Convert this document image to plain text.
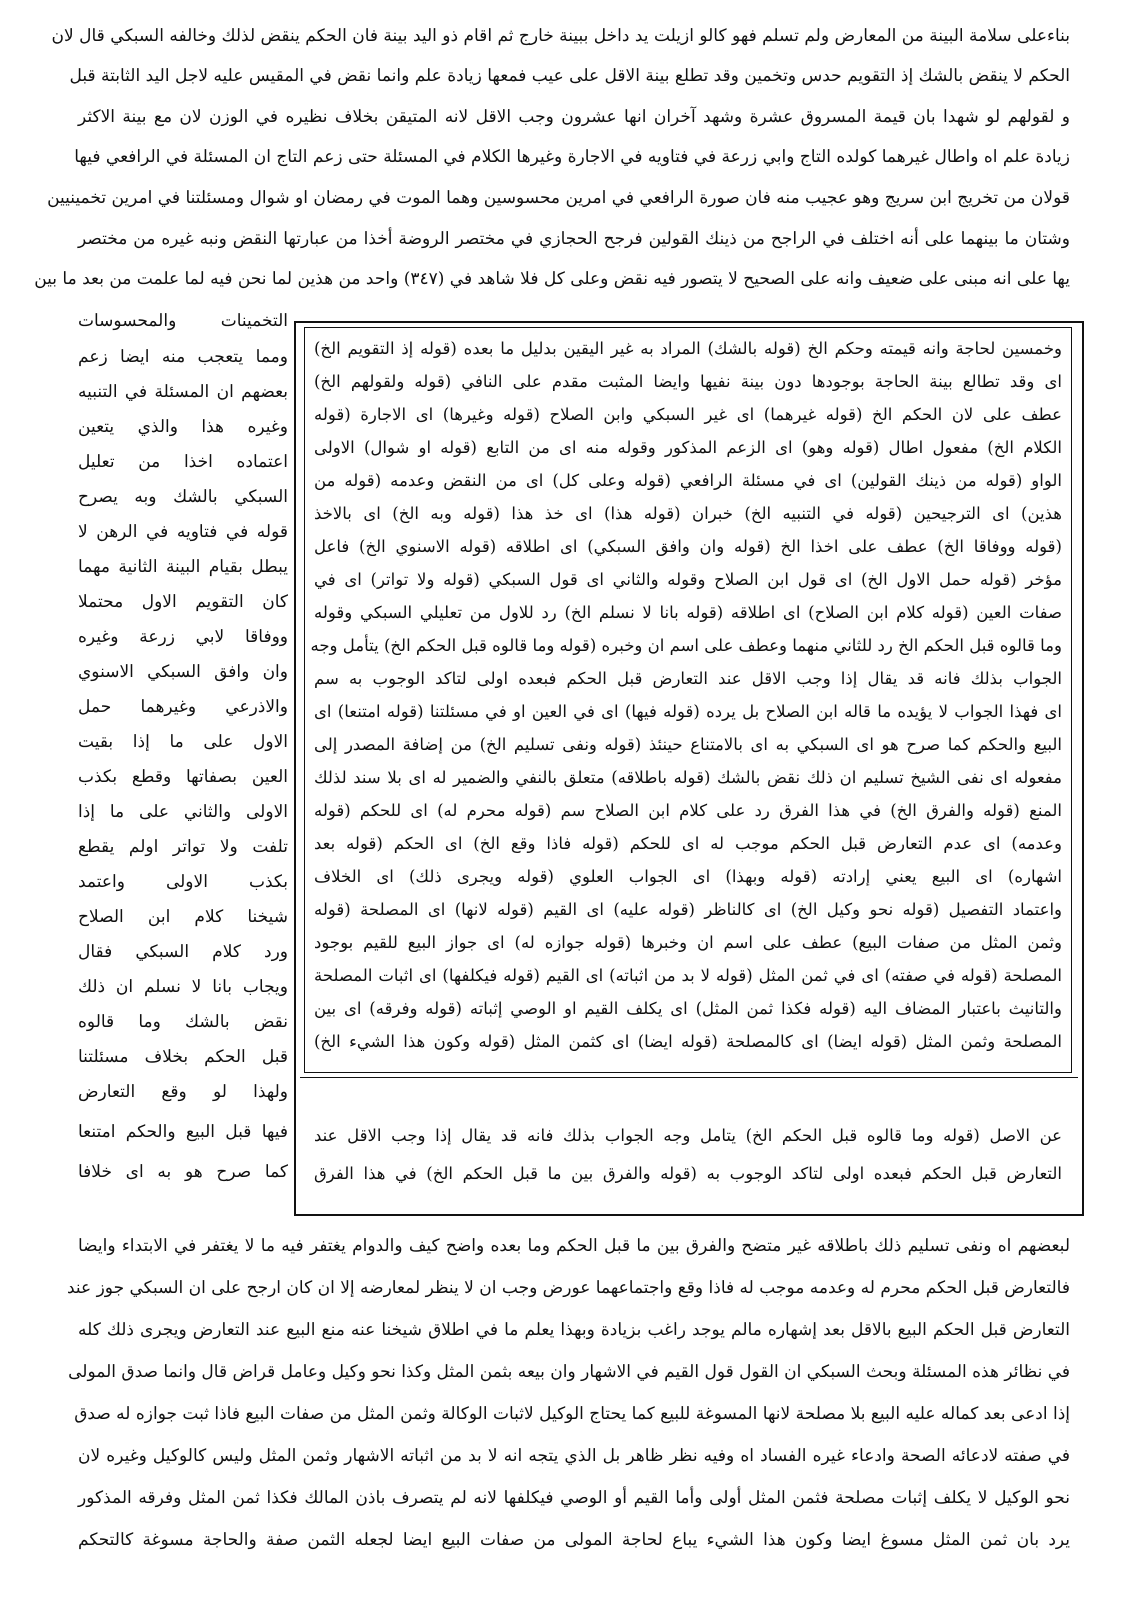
بناءعلى سلامة البينة من المعارض ولم تسلم فهو كالو ازيلت يد داخل ببينة خارج ثم اقام ذو اليد بينة فان الحكم ينقض لذلك وخالفه السبكي قال لان
الحكم لا ينقض بالشك إذ التقويم حدس وتخمين وقد تطلع بينة الاقل على عيب فمعها زيادة علم وانما نقض في المقيس عليه لاجل اليد الثابتة قبل
و لقولهم لو شهدا بان قيمة المسروق عشرة وشهد آخران انها عشرون وجب الاقل لانه المتيقن بخلاف نظيره في الوزن لان مع بينة الاكثر
زيادة علم اه واطال غيرهما كولده التاج وابي زرعة في فتاويه في الاجارة وغيرها الكلام في المسئلة حتى زعم التاج ان المسئلة في الرافعي فيها
قولان من تخريج ابن سريج وهو عجيب منه فان صورة الرافعي في امرين محسوسين وهما الموت في رمضان او شوال ومسئلتنا في امرين تخمينيين
وشتان ما بينهما على أنه اختلف في الراجح من ذينك القولين فرجح الحجازي في مختصر الروضة أخذا من عبارتها النقض ونبه غيره من مختصر
يها على انه مبنى على ضعيف وانه على الصحيح لا يتصور فيه نقض وعلى كل فلا شاهد في (٣٤٧) واحد من هذين لما نحن فيه لما علمت من بعد ما بين
التخمينات والمحسوسات
ومما يتعجب منه ايضا زعم
بعضهم ان المسئلة في التنبيه
وغيره هذا والذي يتعين
اعتماده اخذا من تعليل
السبكي بالشك وبه يصرح
قوله في فتاويه في الرهن لا
يبطل بقيام البينة الثانية مهما
كان التقويم الاول محتملا
ووفاقا لابي زرعة وغيره
وان وافق السبكي الاسنوي
والاذرعي وغيرهما حمل
الاول على ما إذا بقيت
العين بصفاتها وقطع بكذب
الاولى والثاني على ما إذا
تلفت ولا تواتر اولم يقطع
بكذب الاولى واعتمد
شيخنا كلام ابن الصلاح
ورد كلام السبكي فقال
ويجاب بانا لا نسلم ان ذلك
نقض بالشك وما قالوه
قبل الحكم بخلاف مسئلتنا
ولهذا لو وقع التعارض
فيها قبل البيع والحكم امتنعا
كما صرح هو به اى خلافا
وخمسين لحاجة وانه قيمته وحكم الخ (قوله بالشك) المراد به غير اليقين بدليل ما بعده (قوله إذ التقويم الخ)
اى وقد تطالع بينة الحاجة بوجودها دون بينة نفيها وايضا المثبت مقدم على النافي (قوله ولقولهم الخ)
عطف على لان الحكم الخ (قوله غيرهما) اى غير السبكي وابن الصلاح (قوله وغيرها) اى الاجارة (قوله
الكلام الخ) مفعول اطال (قوله وهو) اى الزعم المذكور وقوله منه اى من التابع (قوله او شوال) الاولى
الواو (قوله من ذينك القولين) اى في مسئلة الرافعي (قوله وعلى كل) اى من النقض وعدمه (قوله من
هذين) اى الترجيحين (قوله في التنبيه الخ) خبران (قوله هذا) اى خذ هذا (قوله وبه الخ) اى بالاخذ
(قوله ووفاقا الخ) عطف على اخذا الخ (قوله وان وافق السبكي) اى اطلاقه (قوله الاسنوي الخ) فاعل
مؤخر (قوله حمل الاول الخ) اى قول ابن الصلاح وقوله والثاني اى قول السبكي (قوله ولا تواتر) اى في
صفات العين (قوله كلام ابن الصلاح) اى اطلاقه (قوله بانا لا نسلم الخ) رد للاول من تعليلي السبكي وقوله
وما قالوه قبل الحكم الخ رد للثاني منهما وعطف على اسم ان وخبره (قوله وما قالوه قبل الحكم الخ) يتأمل وجه
الجواب بذلك فانه قد يقال إذا وجب الاقل عند التعارض قبل الحكم فبعده اولى لتاكد الوجوب به سم
اى فهذا الجواب لا يؤيده ما قاله ابن الصلاح بل يرده (قوله فيها) اى في العين او في مسئلتنا (قوله امتنعا) اى
البيع والحكم كما صرح هو اى السبكي به اى بالامتناع حينئذ (قوله ونفى تسليم الخ) من إضافة المصدر إلى
مفعوله اى نفى الشيخ تسليم ان ذلك نقض بالشك (قوله باطلاقه) متعلق بالنفي والضمير له اى بلا سند لذلك
المنع (قوله والفرق الخ) في هذا الفرق رد على كلام ابن الصلاح سم (قوله محرم له) اى للحكم (قوله
وعدمه) اى عدم التعارض قبل الحكم موجب له اى للحكم (قوله فاذا وقع الخ) اى الحكم (قوله بعد
اشهاره) اى البيع يعني إرادته (قوله وبهذا) اى الجواب العلوي (قوله ويجرى ذلك) اى الخلاف
واعتماد التفصيل (قوله نحو وكيل الخ) اى كالناظر (قوله عليه) اى القيم (قوله لانها) اى المصلحة (قوله
وثمن المثل من صفات البيع) عطف على اسم ان وخبرها (قوله جوازه له) اى جواز البيع للقيم بوجود
المصلحة (قوله في صفته) اى في ثمن المثل (قوله لا بد من اثباته) اى القيم (قوله فيكلفها) اى اثبات المصلحة
والتانيث باعتبار المضاف اليه (قوله فكذا ثمن المثل) اى يكلف القيم او الوصي إثباته (قوله وفرقه) اى بين
المصلحة وثمن المثل (قوله ايضا) اى كالمصلحة (قوله ايضا) اى كثمن المثل (قوله وكون هذا الشيء الخ)
عن الاصل (قوله وما قالوه قبل الحكم الخ) يتامل وجه الجواب بذلك فانه قد يقال إذا وجب الاقل عند
التعارض قبل الحكم فبعده اولى لتاكد الوجوب به (قوله والفرق بين ما قبل الحكم الخ) في هذا الفرق
لبعضهم اه ونفى تسليم ذلك باطلاقه غير متضح والفرق بين ما قبل الحكم وما بعده واضح كيف والدوام يغتفر فيه ما لا يغتفر في الابتداء وايضا
فالتعارض قبل الحكم محرم له وعدمه موجب له فاذا وقع واجتماعهما عورض وجب ان لا ينظر لمعارضه إلا ان كان ارجح على ان السبكي جوز عند
التعارض قبل الحكم البيع بالاقل بعد إشهاره مالم يوجد راغب بزيادة وبهذا يعلم ما في اطلاق شيخنا عنه منع البيع عند التعارض ويجرى ذلك كله
في نظائر هذه المسئلة وبحث السبكي ان القول قول القيم في الاشهار وان بيعه بثمن المثل وكذا نحو وكيل وعامل قراض قال وانما صدق المولى
إذا ادعى بعد كماله عليه البيع بلا مصلحة لانها المسوغة للبيع كما يحتاج الوكيل لاثبات الوكالة وثمن المثل من صفات البيع فاذا ثبت جوازه له صدق
في صفته لادعائه الصحة وادعاء غيره الفساد اه وفيه نظر ظاهر بل الذي يتجه انه لا بد من اثباته الاشهار وثمن المثل وليس كالوكيل وغيره لان
نحو الوكيل لا يكلف إثبات مصلحة فثمن المثل أولى وأما القيم أو الوصي فيكلفها لانه لم يتصرف باذن المالك فكذا ثمن المثل وفرقه المذكور
يرد بان ثمن المثل مسوغ ايضا وكون هذا الشيء يباع لحاجة المولى من صفات البيع ايضا لجعله الثمن صفة والحاجة مسوغة كالتحكم
